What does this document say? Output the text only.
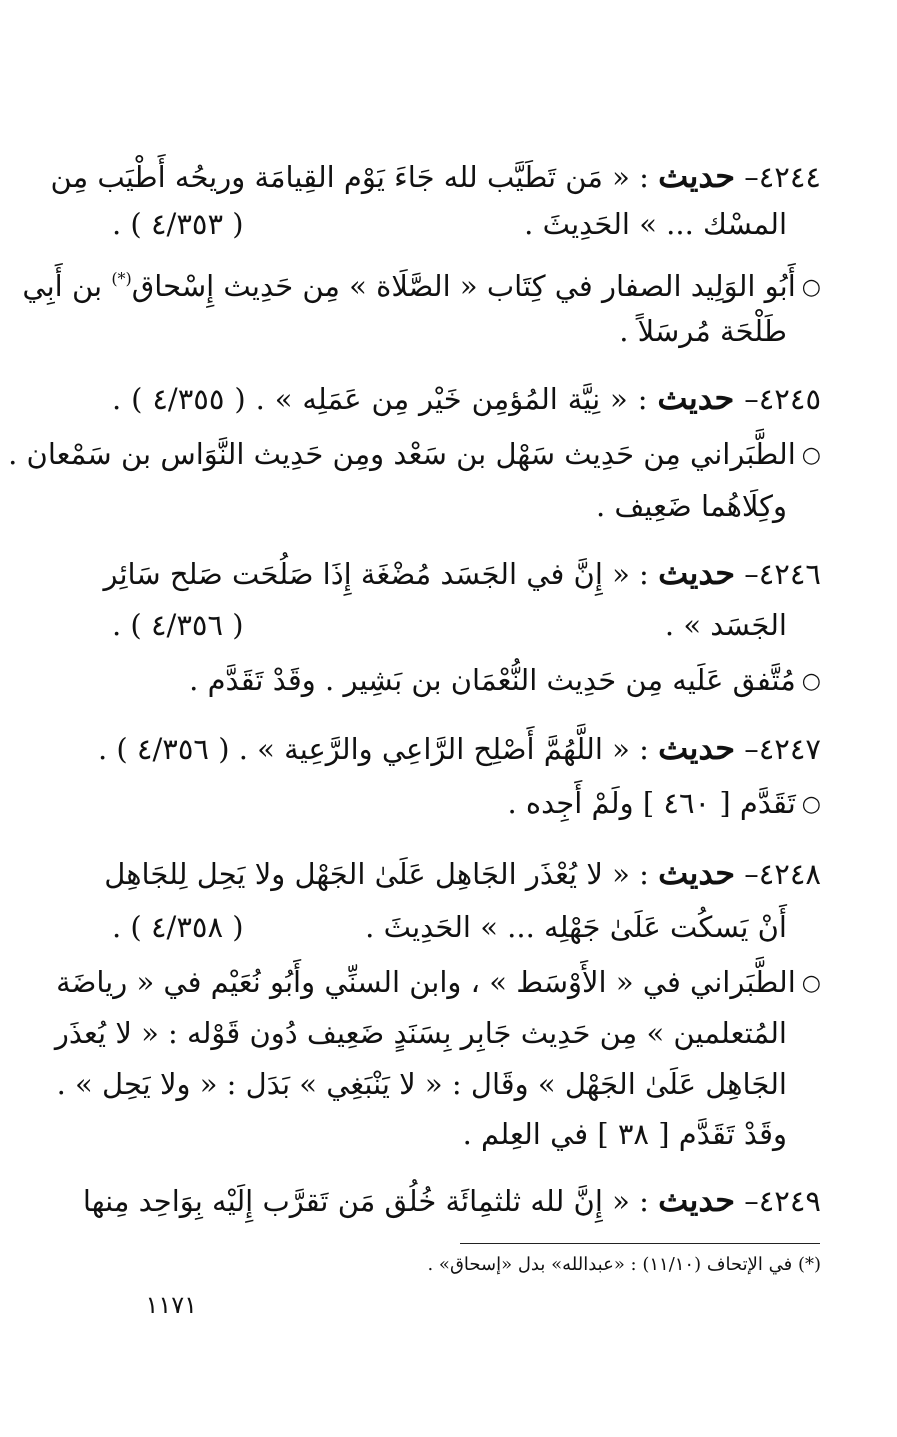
٤٢٤٤– حديث : « مَن تَطَيَّب لله جَاءَ يَوْم القِيامَة وريحُه أَطْيَب مِن
المسْك ... » الحَدِيثَ .
( ٤/٣٥٣ ) .
○أَبُو الوَلِيد الصفار في كِتَاب « الصَّلَاة » مِن حَدِيث إِسْحاق(*) بن أَبِي
طَلْحَة مُرسَلاً .
٤٢٤٥– حديث : « نِيَّة المُؤمِن خَيْر مِن عَمَلِه » . ( ٤/٣٥٥ ) .
○الطَّبَراني مِن حَدِيث سَهْل بن سَعْد ومِن حَدِيث النَّوَاس بن سَمْعان .
وكِلَاهُما ضَعِيف .
٤٢٤٦– حديث : « إِنَّ في الجَسَد مُضْغَة إِذَا صَلُحَت صَلح سَائِر
الجَسَد » .
( ٤/٣٥٦ ) .
○مُتَّفق عَلَيه مِن حَدِيث النُّعْمَان بن بَشِير . وقَدْ تَقَدَّم .
٤٢٤٧– حديث : « اللَّهُمَّ أَصْلِح الرَّاعِي والرَّعِية » . ( ٤/٣٥٦ ) .
○تَقَدَّم [ ٤٦٠ ] ولَمْ أَجِده .
٤٢٤٨– حديث : « لا يُعْذَر الجَاهِل عَلَىٰ الجَهْل ولا يَحِل لِلجَاهِل
أَنْ يَسكُت عَلَىٰ جَهْلِه ... » الحَدِيثَ .
( ٤/٣٥٨ ) .
○الطَّبَراني في « الأَوْسَط » ، وابن السنِّي وأَبُو نُعَيْم في « رياضَة
المُتعلمين » مِن حَدِيث جَابِر بِسَنَدٍ ضَعِيف دُون قَوْله : « لا يُعذَر
الجَاهِل عَلَىٰ الجَهْل » وقَال : « لا يَنْبَغِي » بَدَل : « ولا يَحِل » .
وقَدْ تَقَدَّم [ ٣٨ ] في العِلم .
٤٢٤٩– حديث : « إِنَّ لله ثلثمِائَة خُلُق مَن تَقرَّب إِلَيْه بِوَاحِد مِنها
(*) في الإتحاف (١١/١٠) : «عبدالله» بدل «إسحاق» .
١١٧١
